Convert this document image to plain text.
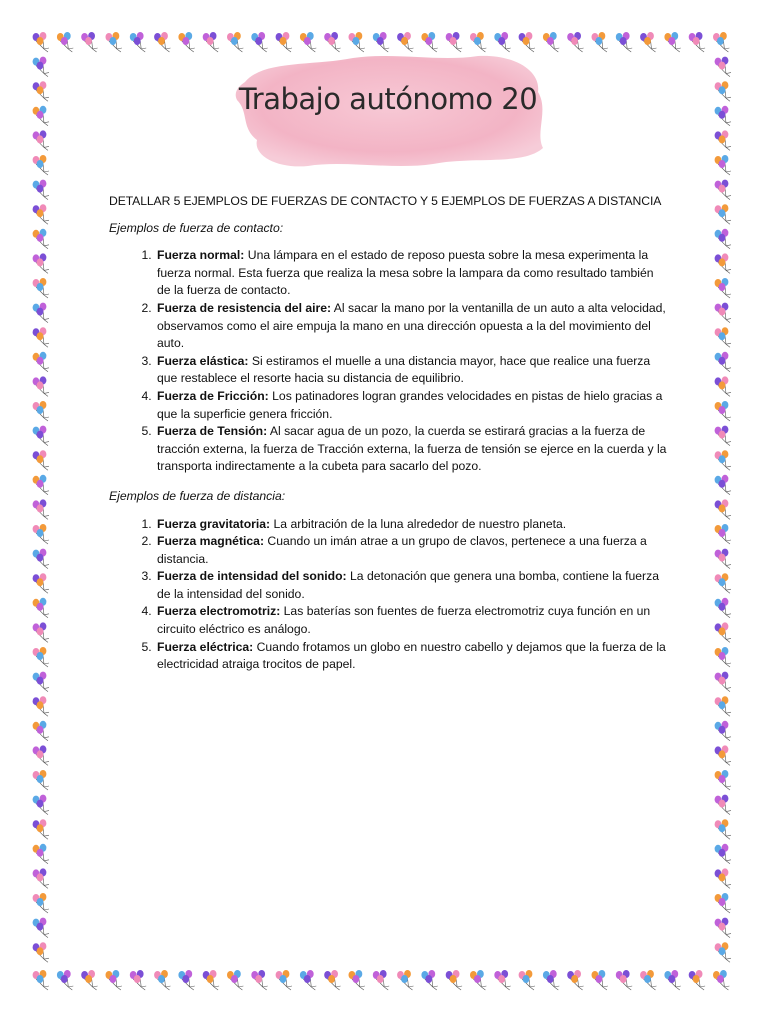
Trabajo autónomo 20
DETALLAR 5 EJEMPLOS DE FUERZAS DE CONTACTO Y 5 EJEMPLOS DE FUERZAS A DISTANCIA
Ejemplos de fuerza de contacto:
1. Fuerza normal: Una lámpara en el estado de reposo puesta sobre la mesa experimenta la fuerza normal. Esta fuerza que realiza la mesa sobre la lampara da como resultado también de la fuerza de contacto.
2. Fuerza de resistencia del aire: Al sacar la mano por la ventanilla de un auto a alta velocidad, observamos como el aire empuja la mano en una dirección opuesta a la del movimiento del auto.
3. Fuerza elástica: Si estiramos el muelle a una distancia mayor, hace que realice una fuerza que restablece el resorte hacia su distancia de equilibrio.
4. Fuerza de Fricción: Los patinadores logran grandes velocidades en pistas de hielo gracias a que la superficie genera fricción.
5. Fuerza de Tensión: Al sacar agua de un pozo, la cuerda se estirará gracias a la fuerza de tracción externa, la fuerza de Tracción externa, la fuerza de tensión se ejerce en la cuerda y la transporta indirectamente a la cubeta para sacarlo del pozo.
Ejemplos de fuerza de distancia:
1. Fuerza gravitatoria: La arbitración de la luna alrededor de nuestro planeta.
2. Fuerza magnética: Cuando un imán atrae a un grupo de clavos, pertenece a una fuerza a distancia.
3. Fuerza de intensidad del sonido: La detonación que genera una bomba, contiene la fuerza de la intensidad del sonido.
4. Fuerza electromotriz: Las baterías son fuentes de fuerza electromotriz cuya función en un circuito eléctrico es análogo.
5. Fuerza eléctrica: Cuando frotamos un globo en nuestro cabello y dejamos que la fuerza de la electricidad atraiga trocitos de papel.
